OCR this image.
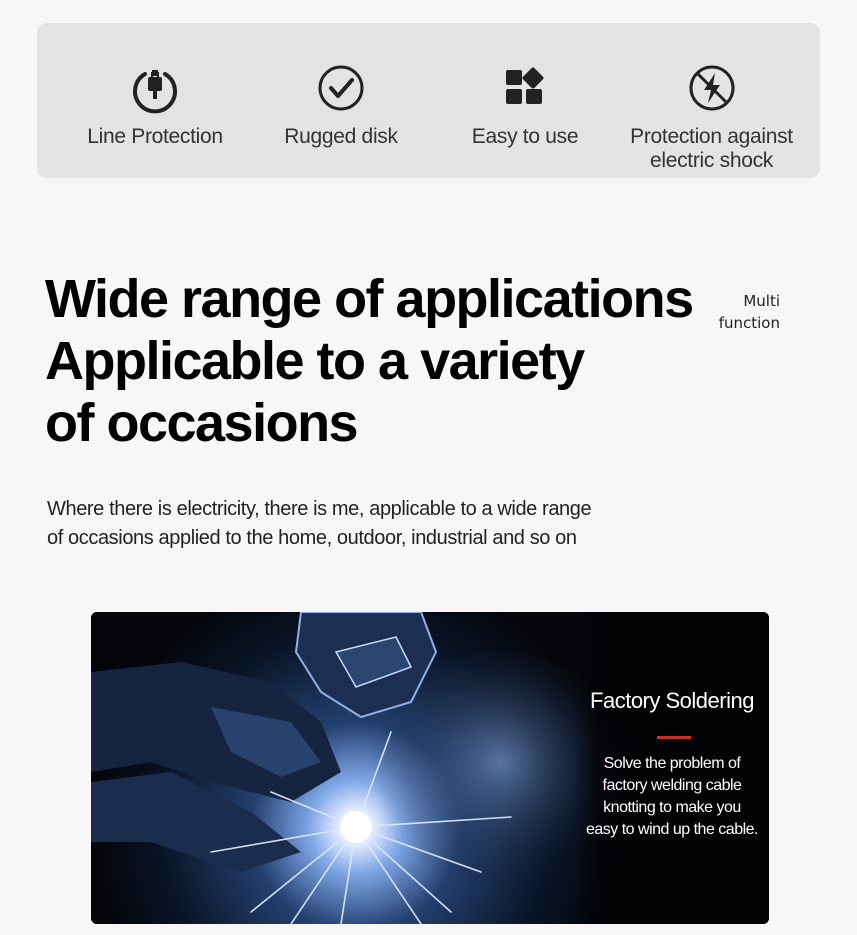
Line Protection	Rugged disk	Easy to use	Protection against
electric shock
Wide range of applications
Applicable to a variety
of occasions
Multi
function
Where there is electricity, there is me, applicable to a wide range
of occasions applied to the home, outdoor, industrial and so on
Factory Soldering
Solve the problem of
factory welding cable
knotting to make you
easy to wind up the cable.
